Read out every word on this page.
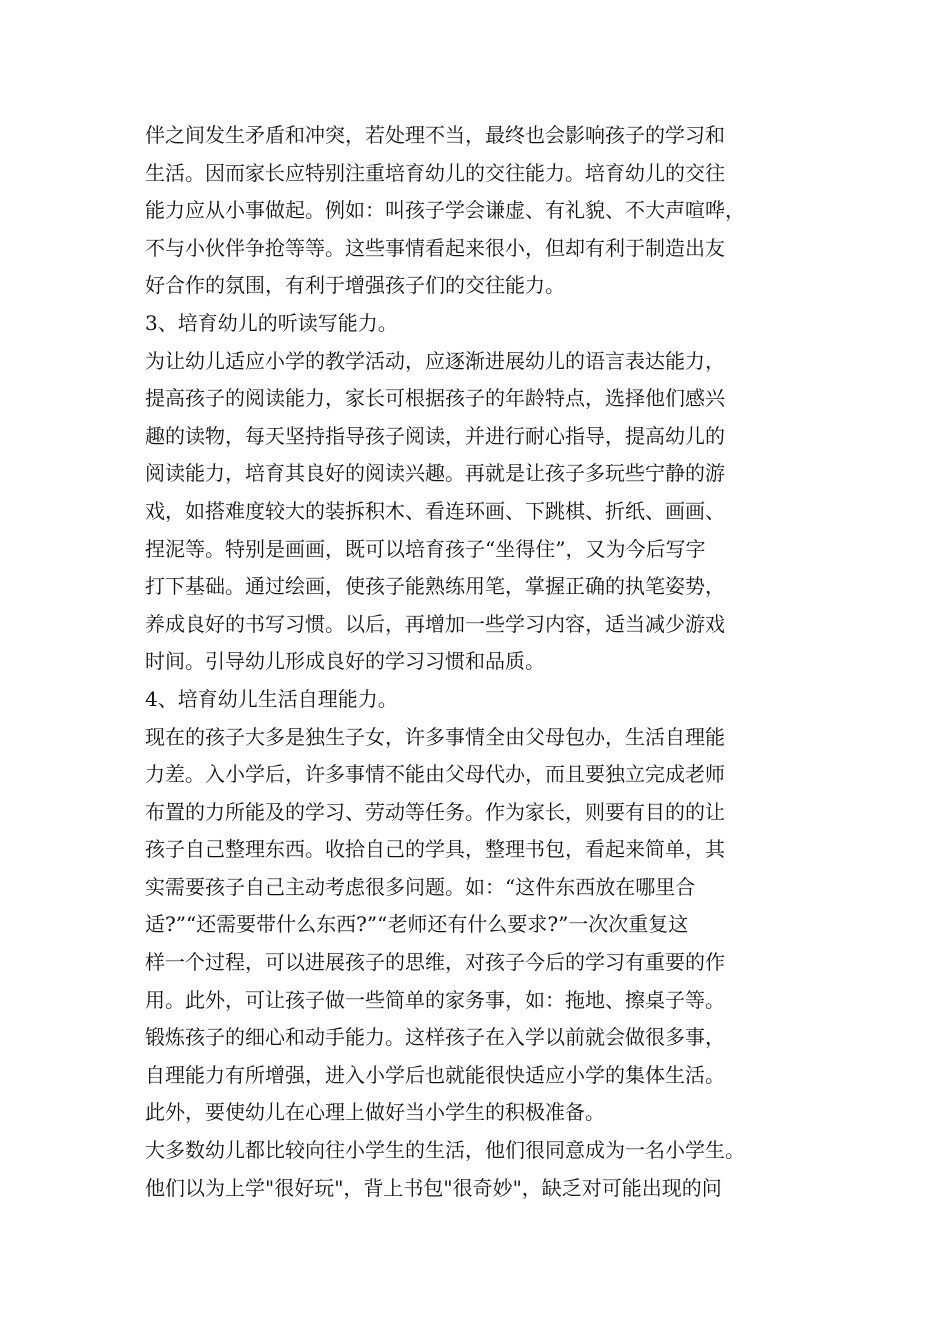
伴之间发生矛盾和冲突，若处理不当，最终也会影响孩子的学习和
生活。因而家长应特别注重培育幼儿的交往能力。培育幼儿的交往
能力应从小事做起。例如：叫孩子学会谦虚、有礼貌、不大声喧哗，
不与小伙伴争抢等等。这些事情看起来很小，但却有利于制造出友
好合作的氛围，有利于增强孩子们的交往能力。
3、培育幼儿的听读写能力。
为让幼儿适应小学的教学活动，应逐渐进展幼儿的语言表达能力，
提高孩子的阅读能力，家长可根据孩子的年龄特点，选择他们感兴
趣的读物，每天坚持指导孩子阅读，并进行耐心指导，提高幼儿的
阅读能力，培育其良好的阅读兴趣。再就是让孩子多玩些宁静的游
戏，如搭难度较大的装拆积木、看连环画、下跳棋、折纸、画画、
捏泥等。特别是画画，既可以培育孩子“坐得住”，又为今后写字
打下基础。通过绘画，使孩子能熟练用笔，掌握正确的执笔姿势，
养成良好的书写习惯。以后，再增加一些学习内容，适当减少游戏
时间。引导幼儿形成良好的学习习惯和品质。
4、培育幼儿生活自理能力。
现在的孩子大多是独生子女，许多事情全由父母包办，生活自理能
力差。入小学后，许多事情不能由父母代办，而且要独立完成老师
布置的力所能及的学习、劳动等任务。作为家长，则要有目的的让
孩子自己整理东西。收拾自己的学具，整理书包，看起来简单，其
实需要孩子自己主动考虑很多问题。如：“这件东西放在哪里合
适?”“还需要带什么东西?”“老师还有什么要求?”一次次重复这
样一个过程，可以进展孩子的思维，对孩子今后的学习有重要的作
用。此外，可让孩子做一些简单的家务事，如：拖地、擦桌子等。
锻炼孩子的细心和动手能力。这样孩子在入学以前就会做很多事，
自理能力有所增强，进入小学后也就能很快适应小学的集体生活。
此外，要使幼儿在心理上做好当小学生的积极准备。
大多数幼儿都比较向往小学生的生活，他们很同意成为一名小学生。
他们以为上学"很好玩"，背上书包"很奇妙"，缺乏对可能出现的问
